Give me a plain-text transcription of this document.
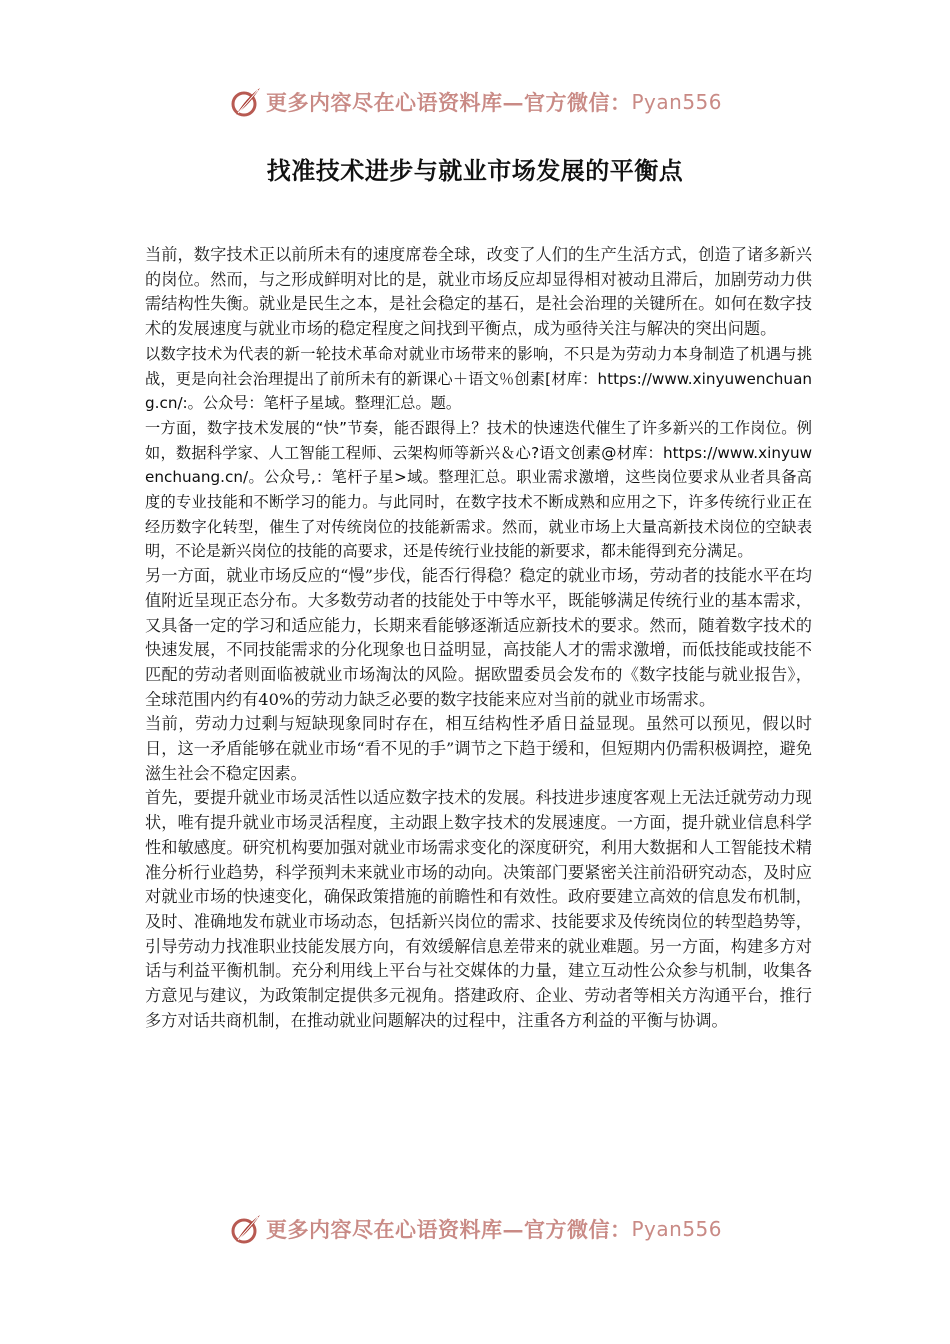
更多内容尽在心语资料库—官方微信： Pyan556
找准技术进步与就业市场发展的平衡点

当前，数字技术正以前所未有的速度席卷全球，改变了人们的生产生活方式，创造了诸多新兴的岗位。然而，与之形成鲜明对比的是，就业市场反应却显得相对被动且滞后，加剧劳动力供需结构性失衡。就业是民生之本，是社会稳定的基石，是社会治理的关键所在。如何在数字技术的发展速度与就业市场的稳定程度之间找到平衡点，成为亟待关注与解决的突出问题。

以数字技术为代表的新一轮技术革命对就业市场带来的影响，不只是为劳动力本身制造了机遇与挑战，更是向社会治理提出了前所未有的新课心＋语文％创素[材库：https://www.xinyuwenchuang.cn/:。公众号：笔杆子星域。整理汇总。题。

一方面，数字技术发展的“快”节奏，能否跟得上？技术的快速迭代催生了许多新兴的工作岗位。例如，数据科学家、人工智能工程师、云架构师等新兴＆心?语文创素@材库：https://www.xinyuwenchuang.cn/。公众号,：笔杆子星>域。整理汇总。职业需求激增，这些岗位要求从业者具备高度的专业技能和不断学习的能力。与此同时，在数字技术不断成熟和应用之下，许多传统行业正在经历数字化转型，催生了对传统岗位的技能新需求。然而，就业市场上大量高新技术岗位的空缺表明，不论是新兴岗位的技能的高要求，还是传统行业技能的新要求，都未能得到充分满足。

另一方面，就业市场反应的“慢”步伐，能否行得稳？稳定的就业市场，劳动者的技能水平在均值附近呈现正态分布。大多数劳动者的技能处于中等水平，既能够满足传统行业的基本需求，又具备一定的学习和适应能力，长期来看能够逐渐适应新技术的要求。然而，随着数字技术的快速发展，不同技能需求的分化现象也日益明显，高技能人才的需求激增，而低技能或技能不匹配的劳动者则面临被就业市场淘汰的风险。据欧盟委员会发布的《数字技能与就业报告》，全球范围内约有40%的劳动力缺乏必要的数字技能来应对当前的就业市场需求。

当前，劳动力过剩与短缺现象同时存在，相互结构性矛盾日益显现。虽然可以预见，假以时日，这一矛盾能够在就业市场“看不见的手”调节之下趋于缓和，但短期内仍需积极调控，避免滋生社会不稳定因素。

首先，要提升就业市场灵活性以适应数字技术的发展。科技进步速度客观上无法迁就劳动力现状，唯有提升就业市场灵活程度，主动跟上数字技术的发展速度。一方面，提升就业信息科学性和敏感度。研究机构要加强对就业市场需求变化的深度研究，利用大数据和人工智能技术精准分析行业趋势，科学预判未来就业市场的动向。决策部门要紧密关注前沿研究动态，及时应对就业市场的快速变化，确保政策措施的前瞻性和有效性。政府要建立高效的信息发布机制，及时、准确地发布就业市场动态，包括新兴岗位的需求、技能要求及传统岗位的转型趋势等，引导劳动力找准职业技能发展方向，有效缓解信息差带来的就业难题。另一方面，构建多方对话与利益平衡机制。充分利用线上平台与社交媒体的力量，建立互动性公众参与机制，收集各方意见与建议，为政策制定提供多元视角。搭建政府、企业、劳动者等相关方沟通平台，推行多方对话共商机制，在推动就业问题解决的过程中，注重各方利益的平衡与协调。

更多内容尽在心语资料库—官方微信： Pyan556
